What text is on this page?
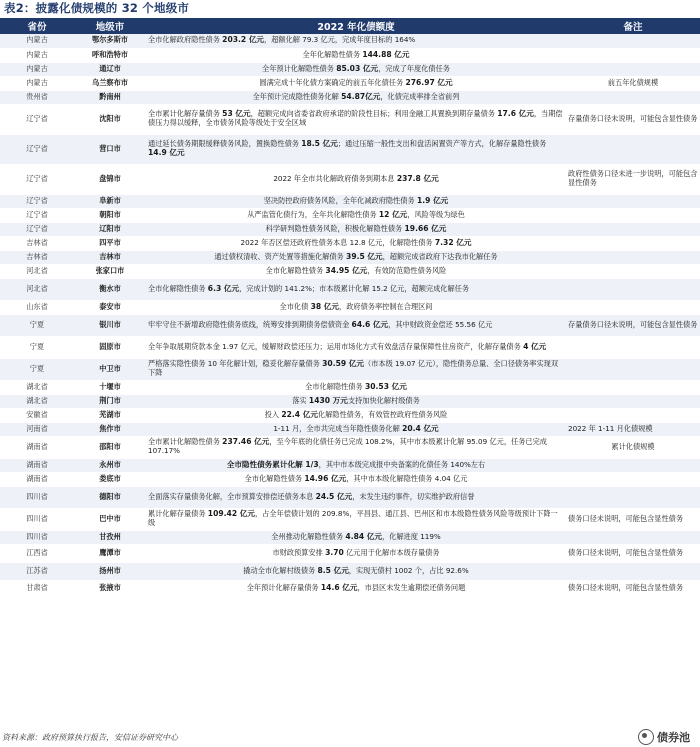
表2：披露化债规模的 32 个地级市
省份	地级市	2022 年化债额度	备注
内蒙古	鄂尔多斯市	全市化解政府隐性债务 203.2 亿元，超额化解 79.3 亿元，完成年度目标的 164%	
内蒙古	呼和浩特市	全年化解隐性债务 144.88 亿元	
内蒙古	通辽市	全年预计化解隐性债务 85.03 亿元，完成了年度化债任务	
内蒙古	乌兰察布市	圆满完成十年化债方案确定的前五年化债任务 276.97 亿元	前五年化债规模
贵州省	黔南州	全年预计完成隐性债务化解 54.87亿元，化债完成率排全省前列	
辽宁省	沈阳市	全市累计化解存量债务 53 亿元，超额完成向省委省政府承诺的阶段性目标；利用金融工具置换到期存量债务 17.6 亿元，当期偿债压力得以缓释，全市债务风险等级处于安全区域	存量债务口径未说明，可能包含显性债务
辽宁省	营口市	通过延长债务期限缓释债务风险，置换隐性债务 18.5 亿元；通过压缩一般性支出和盘活闲置资产等方式，化解存量隐性债务 14.9 亿元	
辽宁省	盘锦市	2022 年全市共化解政府债务到期本息 237.8 亿元	政府性债务口径未进一步说明，可能包含显性债务
辽宁省	阜新市	坚决防控政府债务风险，全年化减政府隐性债务 1.9 亿元	
辽宁省	朝阳市	从严监管化债行为，全年共化解隐性债务 12 亿元，风险等级为绿色	
辽宁省	辽阳市	科学研判隐性债务风险，积极化解隐性债务 19.66 亿元	
吉林省	四平市	2022 年否区偿还政府性债务本息 12.8 亿元，化解隐性债务 7.32 亿元	
吉林省	吉林市	通过债权清收、资产处置等措施化解债务 39.5 亿元，超额完成省政府下达我市化解任务	
河北省	张家口市	全市化解隐性债务 34.95 亿元，有效防范隐性债务风险	
河北省	衡水市	全市化解隐性债务 6.3 亿元，完成计划的 141.2%；市本级累计化解 15.2 亿元，超额完成化解任务	
山东省	泰安市	全市化债 38 亿元，政府债务率控制在合理区间	
宁夏	银川市	牢牢守住不新增政府隐性债务底线，统筹安排到期债务偿债资金 64.6 亿元，其中财政资金偿还 55.56 亿元	存量债务口径未说明，可能包含显性债务
宁夏	固原市	全年争取展期贷款本金 1.97 亿元，缓解财政偿还压力；运用市场化方式有效盘活存量保障性住房资产，化解存量债务 4 亿元	
宁夏	中卫市	严格落实隐性债务 10 年化解计划，稳妥化解存量债务 30.59 亿元（市本级 19.07 亿元），隐性债务总量、全口径债务率实现双下降	
湖北省	十堰市	全市化解隐性债务 30.53 亿元	
湖北省	荆门市	落实 1430 万元支持加快化解村级债务	
安徽省	芜湖市	投入 22.4 亿元化解隐性债务，有效管控政府性债务风险	
河南省	焦作市	1-11 月，全市共完成当年隐性债务化解 20.4 亿元	2022 年 1-11 月化债规模
湖南省	邵阳市	全市累计化解隐性债务 237.46 亿元，至今年底的化债任务已完成 108.2%，其中市本级累计化解 95.09 亿元，任务已完成 107.17%	累计化债规模
湖南省	永州市	全市隐性债务累计化解 1/3，其中市本级完成报中央备案的化债任务 140%左右	
湖南省	娄底市	全市化解隐性债务 14.96 亿元，其中市本级化解隐性债务 4.04 亿元	
四川省	德阳市	全面落实存量债务化解，全市预算安排偿还债务本息 24.5 亿元，未发生违约事件，切实维护政府信誉	
四川省	巴中市	累计化解存量债务 109.42 亿元，占全年偿债计划的 209.8%，平昌县、通江县、巴州区和市本级隐性债务风险等级预计下降一级	债务口径未说明，可能包含显性债务
四川省	甘孜州	全州推动化解隐性债务 4.84 亿元，化解进度 119%	
江西省	鹰潭市	市财政预算安排 3.70 亿元用于化解市本级存量债务	债务口径未说明，可能包含显性债务
江苏省	扬州市	撬动全市化解村级债务 8.5 亿元，实现无债村 1002 个，占比 92.6%	
甘肃省	张掖市	全年预计化解存量债务 14.6 亿元，市县区未发生逾期偿还债务问题	债务口径未说明，可能包含显性债务
资料来源：政府预算执行报告，安信证券研究中心	债券池
